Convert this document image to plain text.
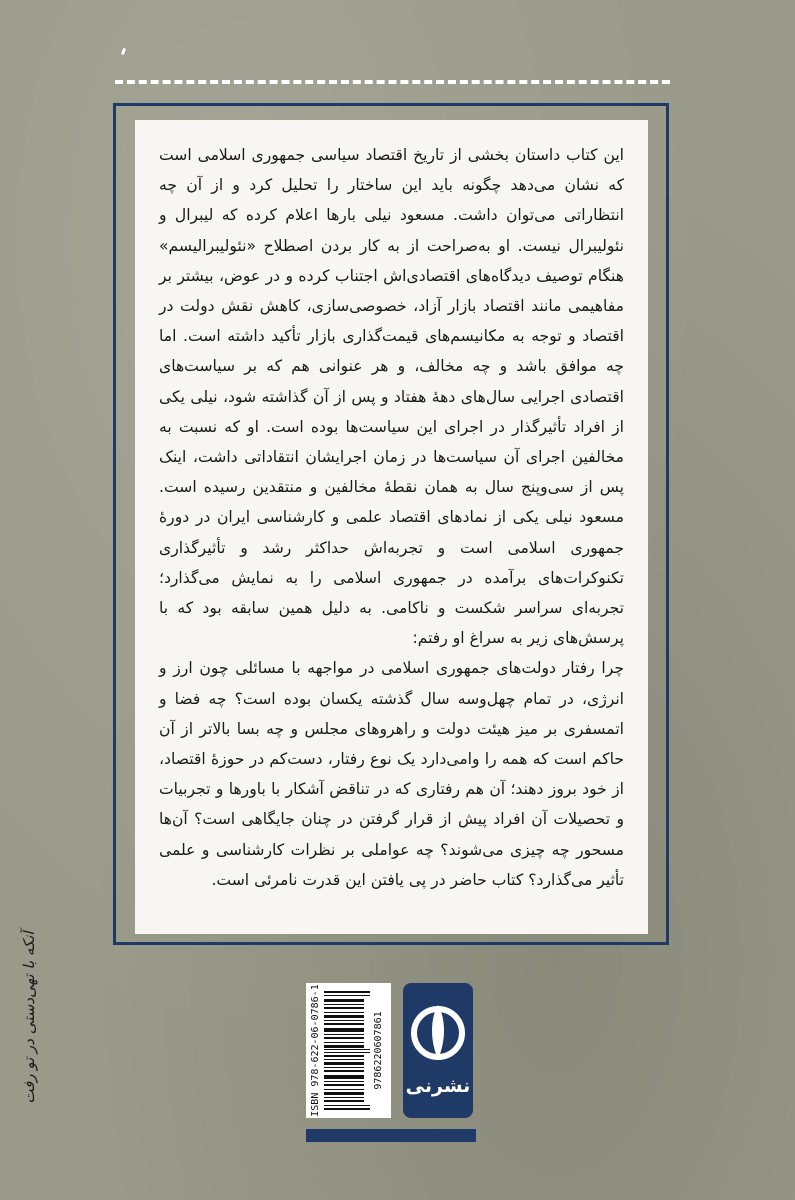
این کتاب داستان بخشی از تاریخ اقتصاد سیاسی جمهوری اسلامی است که نشان می‌دهد چگونه باید این ساختار را تحلیل کرد و از آن چه انتظاراتی می‌توان داشت. مسعود نیلی بارها اعلام کرده که لیبرال و نئولیبرال نیست. او به‌صراحت از به کار بردن اصطلاح «نئولیبرالیسم» هنگام توصیف دیدگاه‌های اقتصادی‌اش اجتناب کرده و در عوض، بیشتر بر مفاهیمی مانند اقتصاد بازار آزاد، خصوصی‌سازی، کاهش نقش دولت در اقتصاد و توجه به مکانیسم‌های قیمت‌گذاری بازار تأکید داشته است. اما چه موافق باشد و چه مخالف، و هر عنوانی هم که بر سیاست‌های اقتصادی اجرایی سال‌های دهۀ هفتاد و پس از آن گذاشته شود، نیلی یکی از افراد تأثیرگذار در اجرای این سیاست‌ها بوده است. او که نسبت به مخالفین اجرای آن سیاست‌ها در زمان اجرایشان انتقاداتی داشت، اینک پس از سی‌وپنج سال به همان نقطۀ مخالفین و منتقدین رسیده است. مسعود نیلی یکی از نمادهای اقتصاد علمی و کارشناسی ایران در دورۀ جمهوری اسلامی است و تجربه‌اش حداکثر رشد و تأثیرگذاری تکنوکرات‌های برآمده در جمهوری اسلامی را به نمایش می‌گذارد؛ تجربه‌ای سراسر شکست و ناکامی. به دلیل همین سابقه بود که با پرسش‌های زیر به سراغ او رفتم:

چرا رفتار دولت‌های جمهوری اسلامی در مواجهه با مسائلی چون ارز و انرژی، در تمام چهل‌وسه سال گذشته یکسان بوده است؟ چه فضا و اتمسفری بر میز هیئت دولت و راهروهای مجلس و چه بسا بالاتر از آن حاکم است که همه را وامی‌دارد یک نوع رفتار، دست‌کم در حوزۀ اقتصاد، از خود بروز دهند؛ آن هم رفتاری که در تناقض آشکار با باورها و تجربیات و تحصیلات آن افراد پیش از قرار گرفتن در چنان جایگاهی است؟ آن‌ها مسحور چه چیزی می‌شوند؟ چه عواملی بر نظرات کارشناسی و علمی تأثیر می‌گذارد؟ کتاب حاضر در پی یافتن این قدرت نامرئی است.

آنکه با تهی‌دستی در تو رفت	ISBN 978-622-06-0786-1	9786220607861 نشرنی
